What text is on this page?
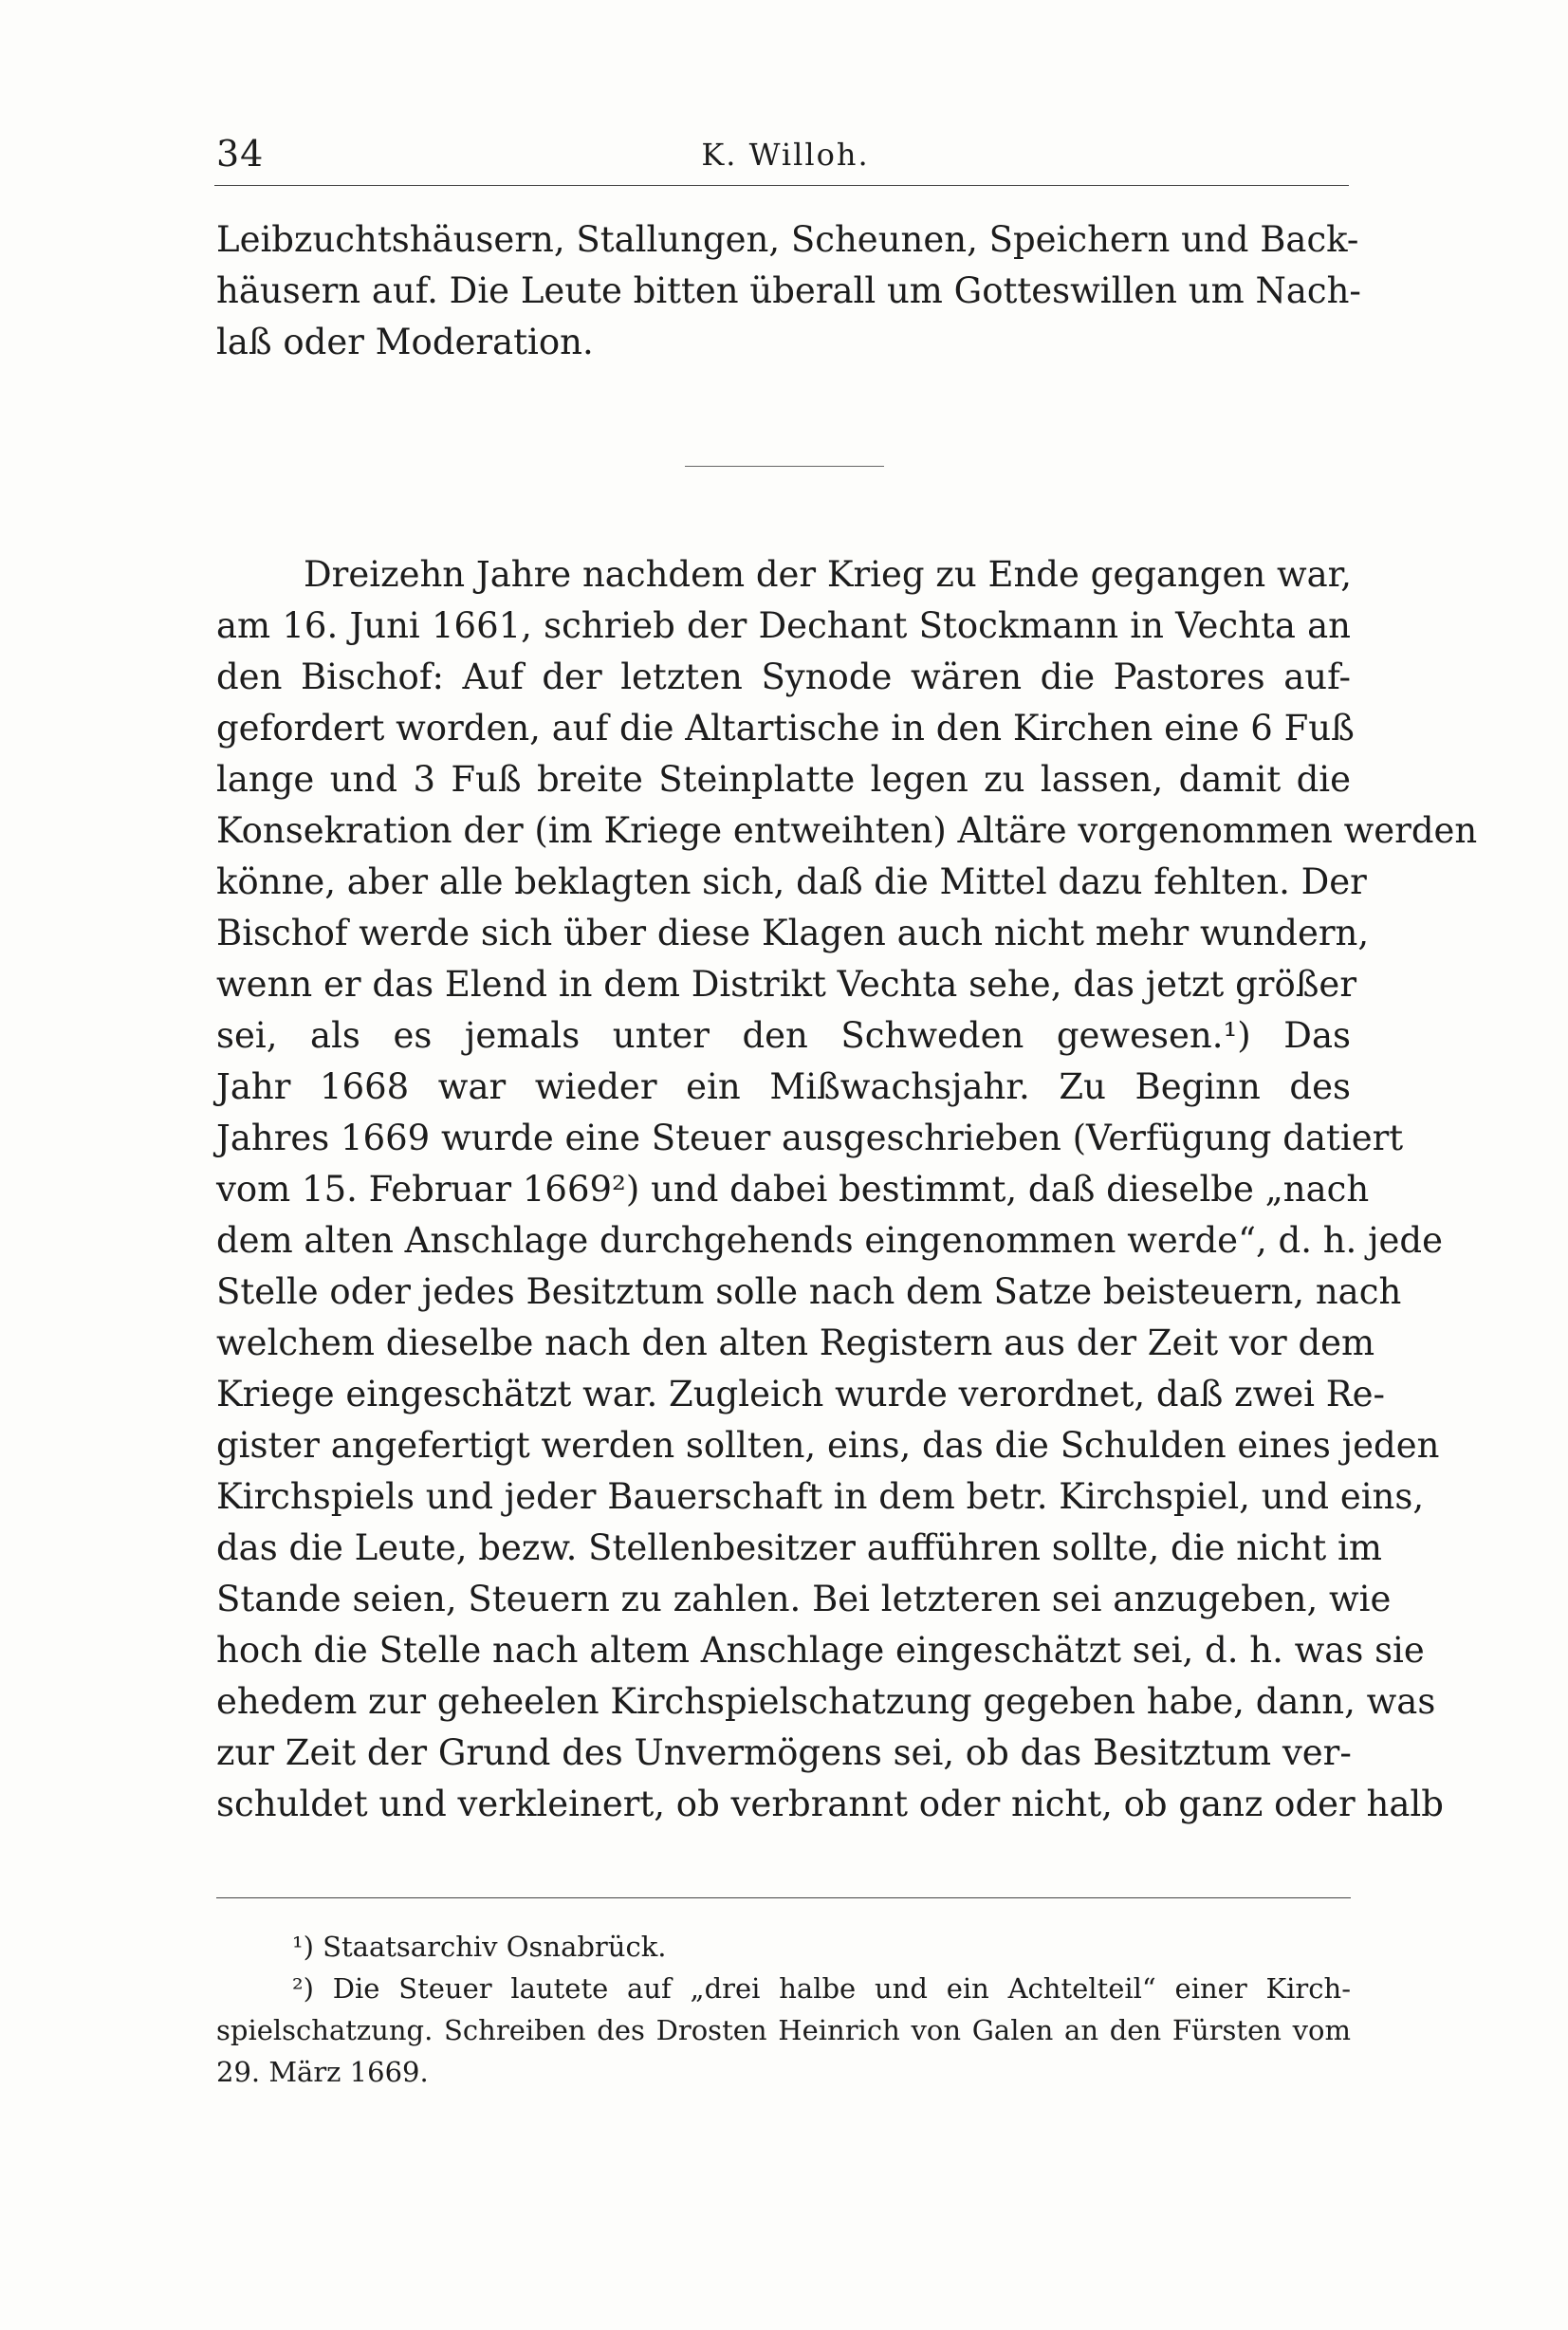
34	K. Willoh.
Leibzuchtshäusern, Stallungen, Scheunen, Speichern und Back-
häusern auf. Die Leute bitten überall um Gotteswillen um Nach-
laß oder Moderation.
Dreizehn Jahre nachdem der Krieg zu Ende gegangen war,
am 16. Juni 1661, schrieb der Dechant Stockmann in Vechta an
den Bischof: Auf der letzten Synode wären die Pastores auf-
gefordert worden, auf die Altartische in den Kirchen eine 6 Fuß
lange und 3 Fuß breite Steinplatte legen zu lassen, damit die
Konsekration der (im Kriege entweihten) Altäre vorgenommen werden
könne, aber alle beklagten sich, daß die Mittel dazu fehlten. Der
Bischof werde sich über diese Klagen auch nicht mehr wundern,
wenn er das Elend in dem Distrikt Vechta sehe, das jetzt größer
sei, als es jemals unter den Schweden gewesen.¹) Das
Jahr 1668 war wieder ein Mißwachsjahr. Zu Beginn des
Jahres 1669 wurde eine Steuer ausgeschrieben (Verfügung datiert
vom 15. Februar 1669²) und dabei bestimmt, daß dieselbe „nach
dem alten Anschlage durchgehends eingenommen werde“, d. h. jede
Stelle oder jedes Besitztum solle nach dem Satze beisteuern, nach
welchem dieselbe nach den alten Registern aus der Zeit vor dem
Kriege eingeschätzt war. Zugleich wurde verordnet, daß zwei Re-
gister angefertigt werden sollten, eins, das die Schulden eines jeden
Kirchspiels und jeder Bauerschaft in dem betr. Kirchspiel, und eins,
das die Leute, bezw. Stellenbesitzer aufführen sollte, die nicht im
Stande seien, Steuern zu zahlen. Bei letzteren sei anzugeben, wie
hoch die Stelle nach altem Anschlage eingeschätzt sei, d. h. was sie
ehedem zur geheelen Kirchspielschatzung gegeben habe, dann, was
zur Zeit der Grund des Unvermögens sei, ob das Besitztum ver-
schuldet und verkleinert, ob verbrannt oder nicht, ob ganz oder halb
¹) Staatsarchiv Osnabrück.
²) Die Steuer lautete auf „drei halbe und ein Achtelteil“ einer Kirch-
spielschatzung. Schreiben des Drosten Heinrich von Galen an den Fürsten vom
29. März 1669.
